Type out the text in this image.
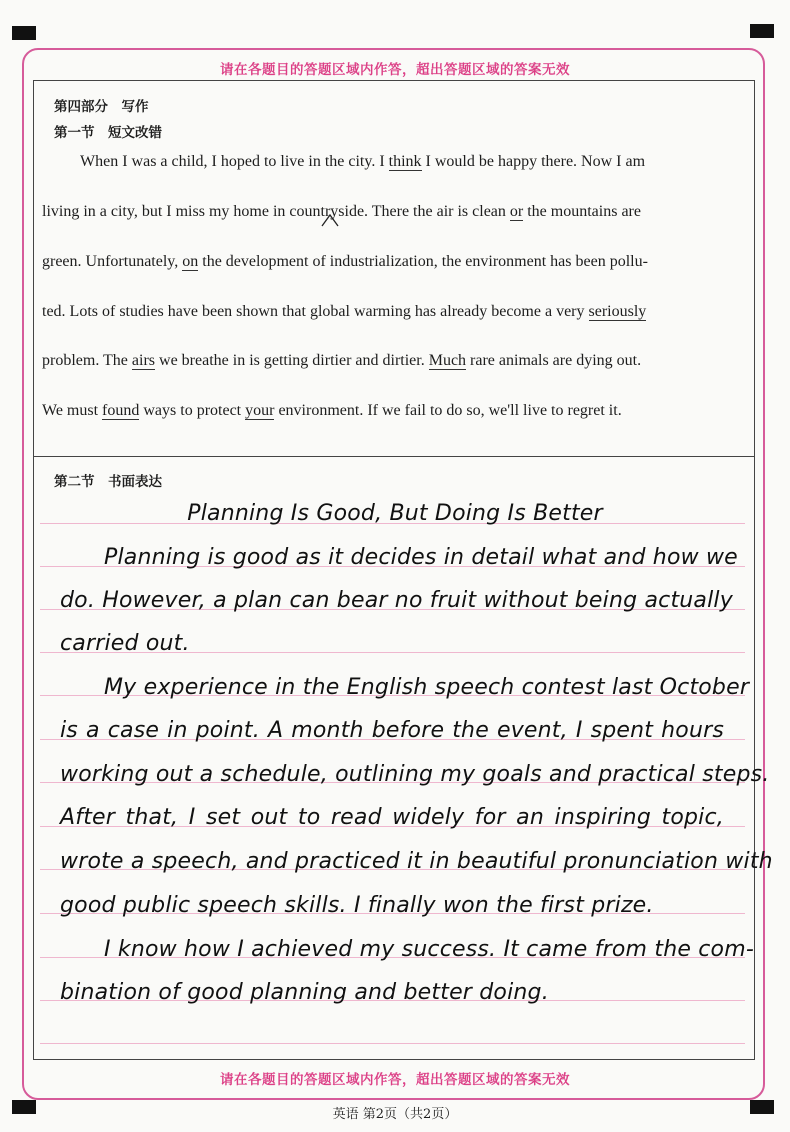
请在各题目的答题区域内作答，超出答题区域的答案无效
请在各题目的答题区域内作答，超出答题区域的答案无效
第四部分　写作
第一节　短文改错
When I was a child, I hoped to live in the city. I think I would be happy there. Now I am
living in a city, but I miss my home in countryside. There the air is clean or the mountains are
green. Unfortunately, on the development of industrialization, the environment has been pollu-
ted. Lots of studies have been shown that global warming has already become a very seriously
problem. The airs we breathe in is getting dirtier and dirtier. Much rare animals are dying out.
We must found ways to protect your environment. If we fail to do so, we'll live to regret it.
第二节　书面表达
Planning Is Good, But Doing Is Better
Planning is good as it decides in detail what and how we
do. However, a plan can bear no fruit without being actually
carried out.
My experience in the English speech contest last October
is a case in point. A month before the event, I spent hours
working out a schedule, outlining my goals and practical steps.
After that, I set out to read widely for an inspiring topic,
wrote a speech, and practiced it in beautiful pronunciation with
good public speech skills. I finally won the first prize.
I know how I achieved my success. It came from the com-
bination of good planning and better doing.
英语 第2页（共2页）
